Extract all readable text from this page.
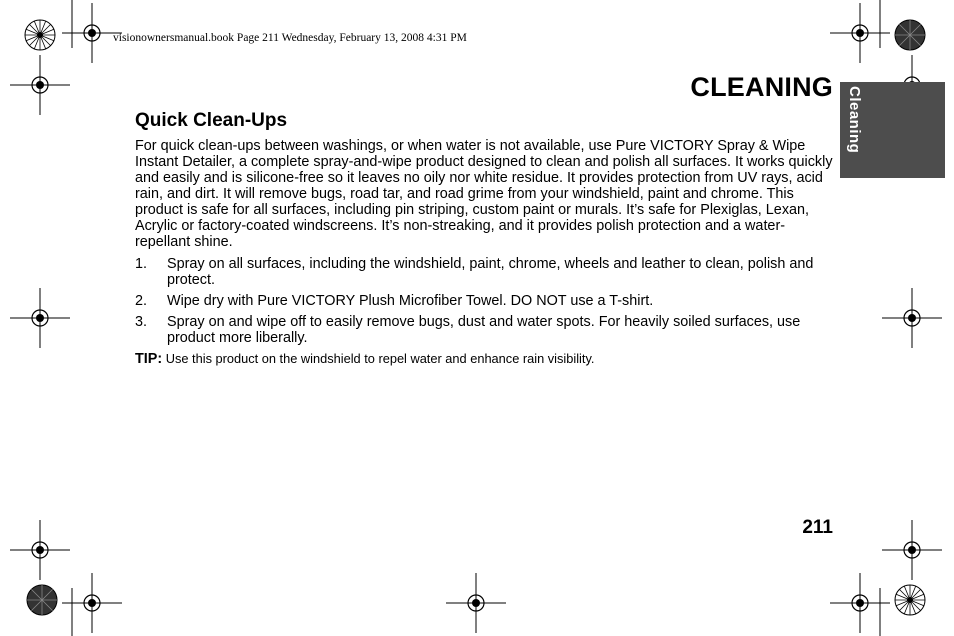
visionownersmanual.book Page 211 Wednesday, February 13, 2008 4:31 PM
CLEANING Cleaning
Quick Clean-Ups

For quick clean-ups between washings, or when water is not available, use Pure VICTORY Spray & Wipe Instant Detailer, a complete spray-and-wipe product designed to clean and polish all surfaces. It works quickly and easily and is silicone-free so it leaves no oily nor white residue. It provides protection from UV rays, acid rain, and dirt. It will remove bugs, road tar, and road grime from your windshield, paint and chrome. This product is safe for all surfaces, including pin striping, custom paint or murals. It’s safe for Plexiglas, Lexan, Acrylic or factory-coated windscreens. It’s non-streaking, and it provides polish protection and a water-repellant shine.

1.	Spray on all surfaces, including the windshield, paint, chrome, wheels and leather to clean, polish and protect.
2.	Wipe dry with Pure VICTORY Plush Microfiber Towel. DO NOT use a T-shirt.
3.	Spray on and wipe off to easily remove bugs, dust and water spots. For heavily soiled surfaces, use product more liberally.
TIP: Use this product on the windshield to repel water and enhance rain visibility.
211
